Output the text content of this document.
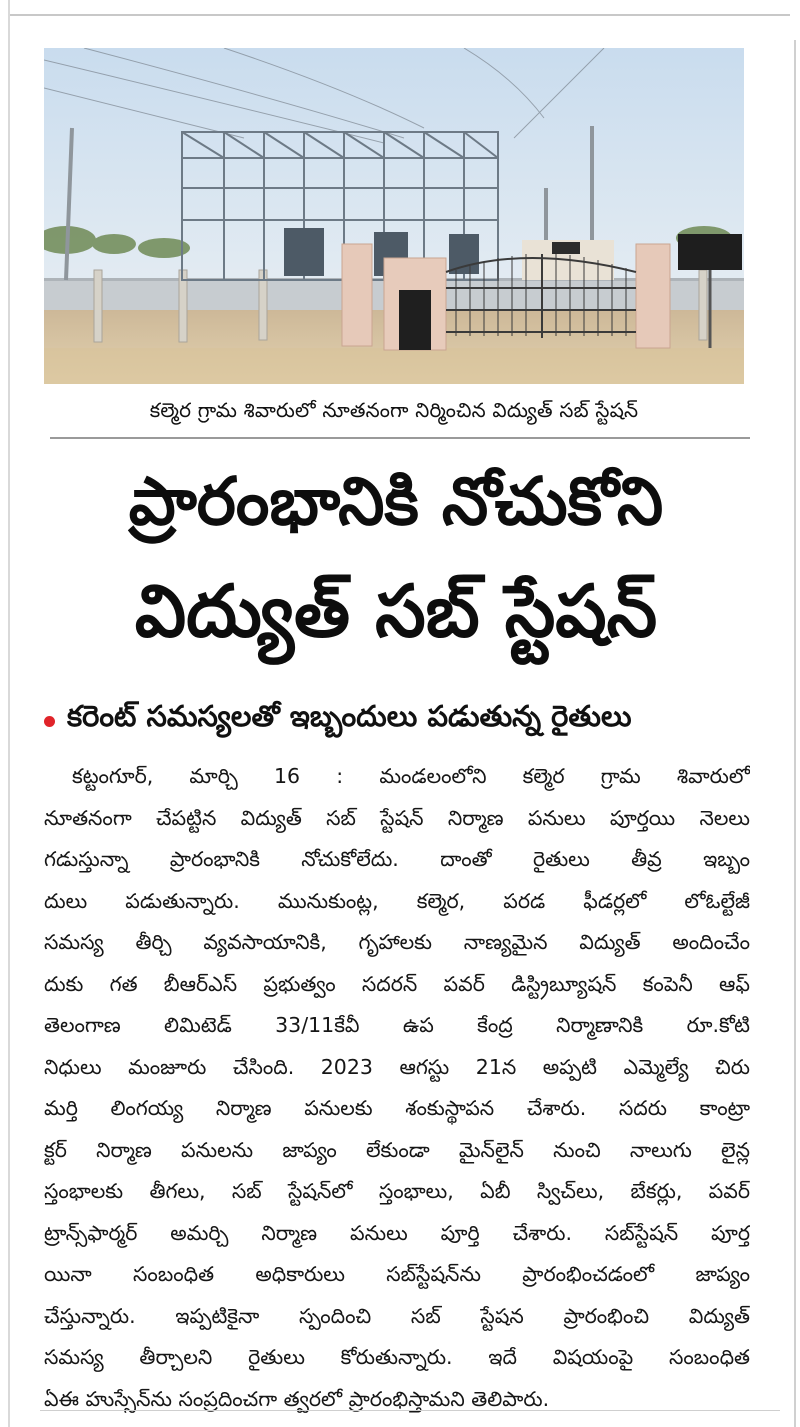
కల్మెర గ్రామ శివారులో నూతనంగా నిర్మించిన విద్యుత్ సబ్ స్టేషన్
ప్రారంభానికి నోచుకోని
విద్యుత్ సబ్ స్టేషన్
కరెంట్ సమస్యలతో ఇబ్బందులు పడుతున్న రైతులు
కట్టంగూర్, మార్చి 16 : మండలంలోని కల్మెర గ్రామ శివారులో
నూతనంగా చేపట్టిన విద్యుత్ సబ్ స్టేషన్ నిర్మాణ పనులు పూర్తయి నెలలు
గడుస్తున్నా ప్రారంభానికి నోచుకోలేదు. దాంతో రైతులు తీవ్ర ఇబ్బం
దులు పడుతున్నారు. మునుకుంట్ల, కల్మెర, పరడ ఫీడర్లలో లోఓల్టేజీ
సమస్య తీర్చి వ్యవసాయానికి, గృహాలకు నాణ్యమైన విద్యుత్ అందించేం
దుకు గత బీఆర్ఎస్ ప్రభుత్వం సదరన్ పవర్ డిస్ట్రిబ్యూషన్ కంపెనీ ఆఫ్
తెలంగాణ లిమిటెడ్ 33/11కేవీ ఉప కేంద్ర నిర్మాణానికి రూ.కోటి
నిధులు మంజూరు చేసింది. 2023 ఆగస్టు 21న అప్పటి ఎమ్మెల్యే చిరు
మర్తి లింగయ్య నిర్మాణ పనులకు శంకుస్థాపన చేశారు. సదరు కాంట్రా
క్టర్ నిర్మాణ పనులను జాప్యం లేకుండా మైన్‌లైన్ నుంచి నాలుగు లైన్ల
స్తంభాలకు తీగలు, సబ్ స్టేషన్‌లో స్తంభాలు, ఏబీ స్విచ్‌లు, బేకర్లు, పవర్
ట్రాన్స్‌ఫార్మర్ అమర్చి నిర్మాణ పనులు పూర్తి చేశారు. సబ్‌స్టేషన్ పూర్త
యినా సంబంధిత అధికారులు సబ్‌స్టేషన్‌ను ప్రారంభించడంలో జాప్యం
చేస్తున్నారు. ఇప్పటికైనా స్పందించి సబ్ స్టేషన ప్రారంభించి విద్యుత్
సమస్య తీర్చాలని రైతులు కోరుతున్నారు. ఇదే విషయంపై సంబంధిత
ఏఈ హుస్సేన్‌ను సంప్రదించగా త్వరలో ప్రారంభిస్తామని తెలిపారు.
